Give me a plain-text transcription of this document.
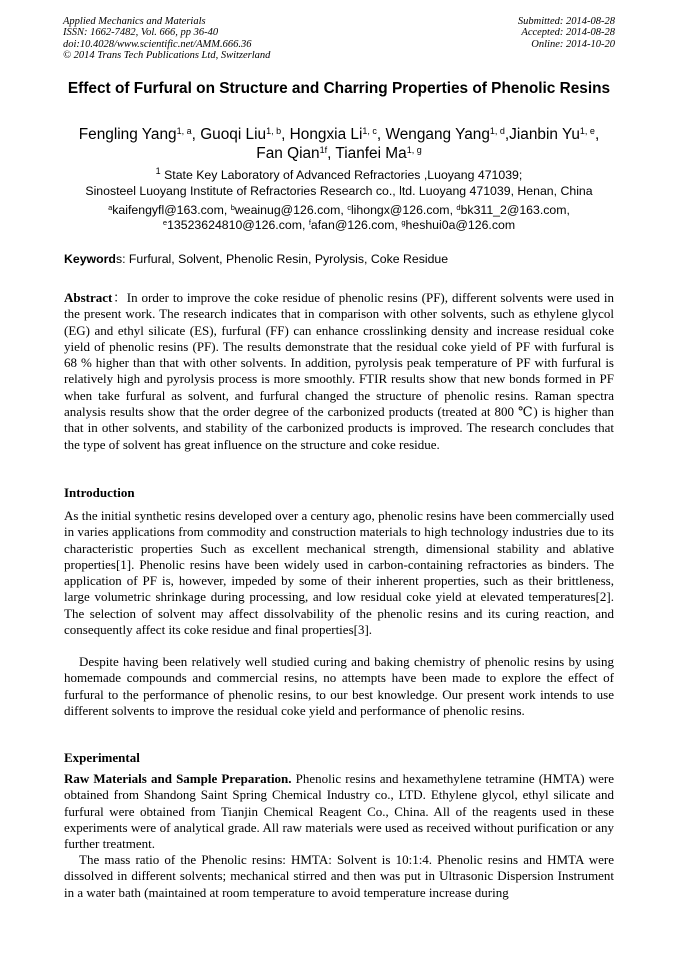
Applied Mechanics and Materials
ISSN: 1662-7482, Vol. 666, pp 36-40
doi:10.4028/www.scientific.net/AMM.666.36
© 2014 Trans Tech Publications Ltd, Switzerland
Submitted: 2014-08-28
Accepted: 2014-08-28
Online: 2014-10-20
Effect of Furfural on Structure and Charring Properties of Phenolic Resins
Fengling Yang$^{1, a}$, Guoqi Liu$^{1, b}$, Hongxia Li$^{1, c}$, Wengang Yang$^{1, d}$,Jianbin Yu$^{1, e}$,
Fan Qian$^{1f}$, Tianfei Ma$^{1, g}$
$^1$ State Key Laboratory of Advanced Refractories ,Luoyang 471039;
Sinosteel Luoyang Institute of Refractories Research co., ltd. Luoyang 471039, Henan, China
$^a$kaifengyfl@163.com, $^b$weainug@126.com, $^c$lihongx@126.com, $^d$bk311_2@163.com,
$^e$13523624810@126.com, $^f$afan@126.com, $^g$heshui0a@126.com
Keywords: Furfural, Solvent, Phenolic Resin, Pyrolysis, Coke Residue
Abstract：In order to improve the coke residue of phenolic resins (PF), different solvents were used in the present work. The research indicates that in comparison with other solvents, such as ethylene glycol (EG) and ethyl silicate (ES), furfural (FF) can enhance crosslinking density and increase residual coke yield of phenolic resins (PF). The results demonstrate that the residual coke yield of PF with furfural is 68 % higher than that with other solvents. In addition, pyrolysis peak temperature of PF with furfural is relatively high and pyrolysis process is more smoothly. FTIR results show that new bonds formed in PF when take furfural as solvent, and furfural changed the structure of phenolic resins. Raman spectra analysis results show that the order degree of the carbonized products (treated at 800 ℃) is higher than that in other solvents, and stability of the carbonized products is improved. The research concludes that the type of solvent has great influence on the structure and coke residue.
Introduction
As the initial synthetic resins developed over a century ago, phenolic resins have been commercially used in varies applications from commodity and construction materials to high technology industries due to its characteristic properties Such as excellent mechanical strength, dimensional stability and ablative properties[1]. Phenolic resins have been widely used in carbon-containing refractories as binders. The application of PF is, however, impeded by some of their inherent properties, such as their brittleness, large volumetric shrinkage during processing, and low residual coke yield at elevated temperatures[2]. The selection of solvent may affect dissolvability of the phenolic resins and its curing reaction, and consequently affect its coke residue and final properties[3].
Despite having been relatively well studied curing and baking chemistry of phenolic resins by using homemade compounds and commercial resins, no attempts have been made to explore the effect of furfural to the performance of phenolic resins, to our best knowledge. Our present work intends to use different solvents to improve the residual coke yield and performance of phenolic resins.
Experimental
Raw Materials and Sample Preparation. Phenolic resins and hexamethylene tetramine (HMTA) were obtained from Shandong Saint Spring Chemical Industry co., LTD. Ethylene glycol, ethyl silicate and furfural were obtained from Tianjin Chemical Reagent Co., China. All of the reagents used in these experiments were of analytical grade. All raw materials were used as received without purification or any further treatment.
The mass ratio of the Phenolic resins: HMTA: Solvent is 10:1:4. Phenolic resins and HMTA were dissolved in different solvents; mechanical stirred and then was put in Ultrasonic Dispersion Instrument in a water bath (maintained at room temperature to avoid temperature increase during
